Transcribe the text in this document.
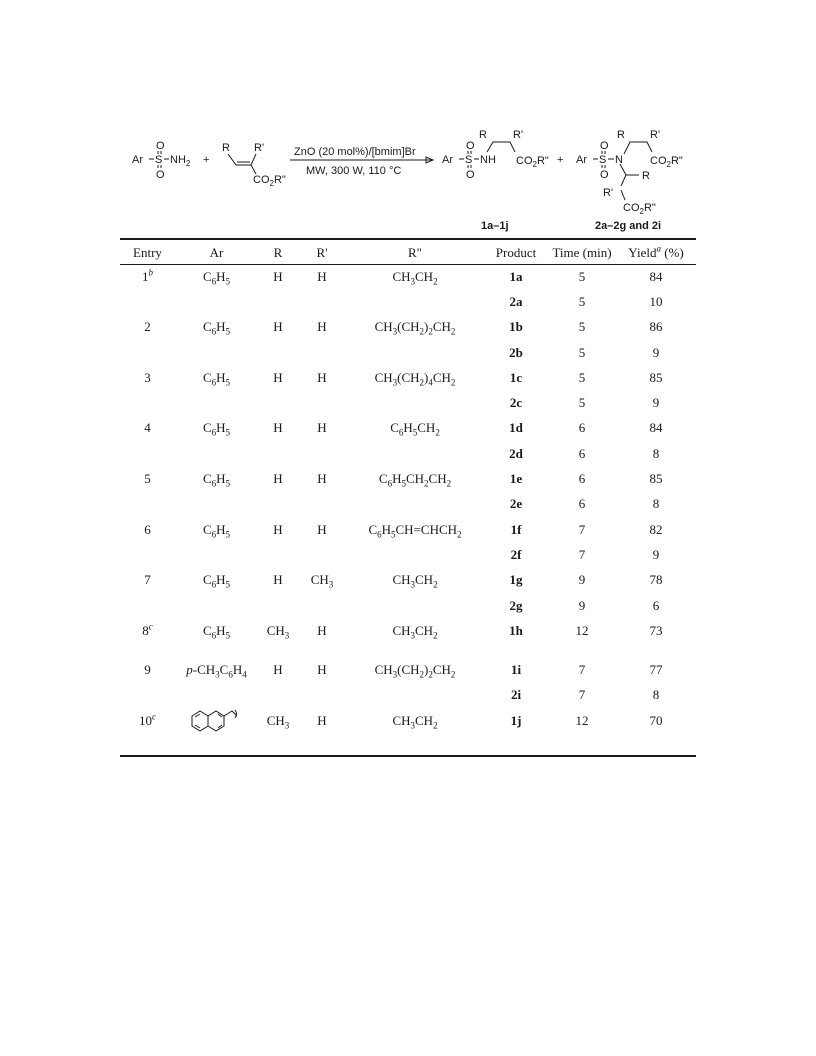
Ar S
O
O
$NH_2$ +
R R'
$CO_2R$"
ZnO (20 mol%)/[bmim]Br
MW, 300 W, 110 °C
Ar S
O
O
NH
R R'
$CO_2R$"
1a–1j
+ Ar S
O
O
N
R R'
$CO_2R$"
R
R'
$CO_2R$"
2a–2g and 2i
Entry	Ar	R	R'	R"	Product	Time (min)	Yield$^a$ (%)
1$^b$	$C_6H_5$	H	H	$CH_3CH_2$	1a	5	84
					2a	5	10
2	$C_6H_5$	H	H	$CH_3(CH_2)_2CH_2$	1b	5	86
					2b	5	9
3	$C_6H_5$	H	H	$CH_3(CH_2)_4CH_2$	1c	5	85
					2c	5	9
4	$C_6H_5$	H	H	$C_6H_5CH_2$	1d	6	84
					2d	6	8
5	$C_6H_5$	H	H	$C_6H_5CH_2CH_2$	1e	6	85
					2e	6	8
6	$C_6H_5$	H	H	$C_6H_5CH=CHCH_2$	1f	7	82
					2f	7	9
7	$C_6H_5$	H	$CH_3$	$CH_3CH_2$	1g	9	78
					2g	9	6
8$^c$	$C_6H_5$	$CH_3$	H	$CH_3CH_2$	1h	12	73

9	$p-CH_3C_6H_4$	H	H	$CH_3(CH_2)_2CH_2$	1i	7	77
					2i	7	8
10$^c$		$CH_3$	H	$CH_3CH_2$	1j	12	70
